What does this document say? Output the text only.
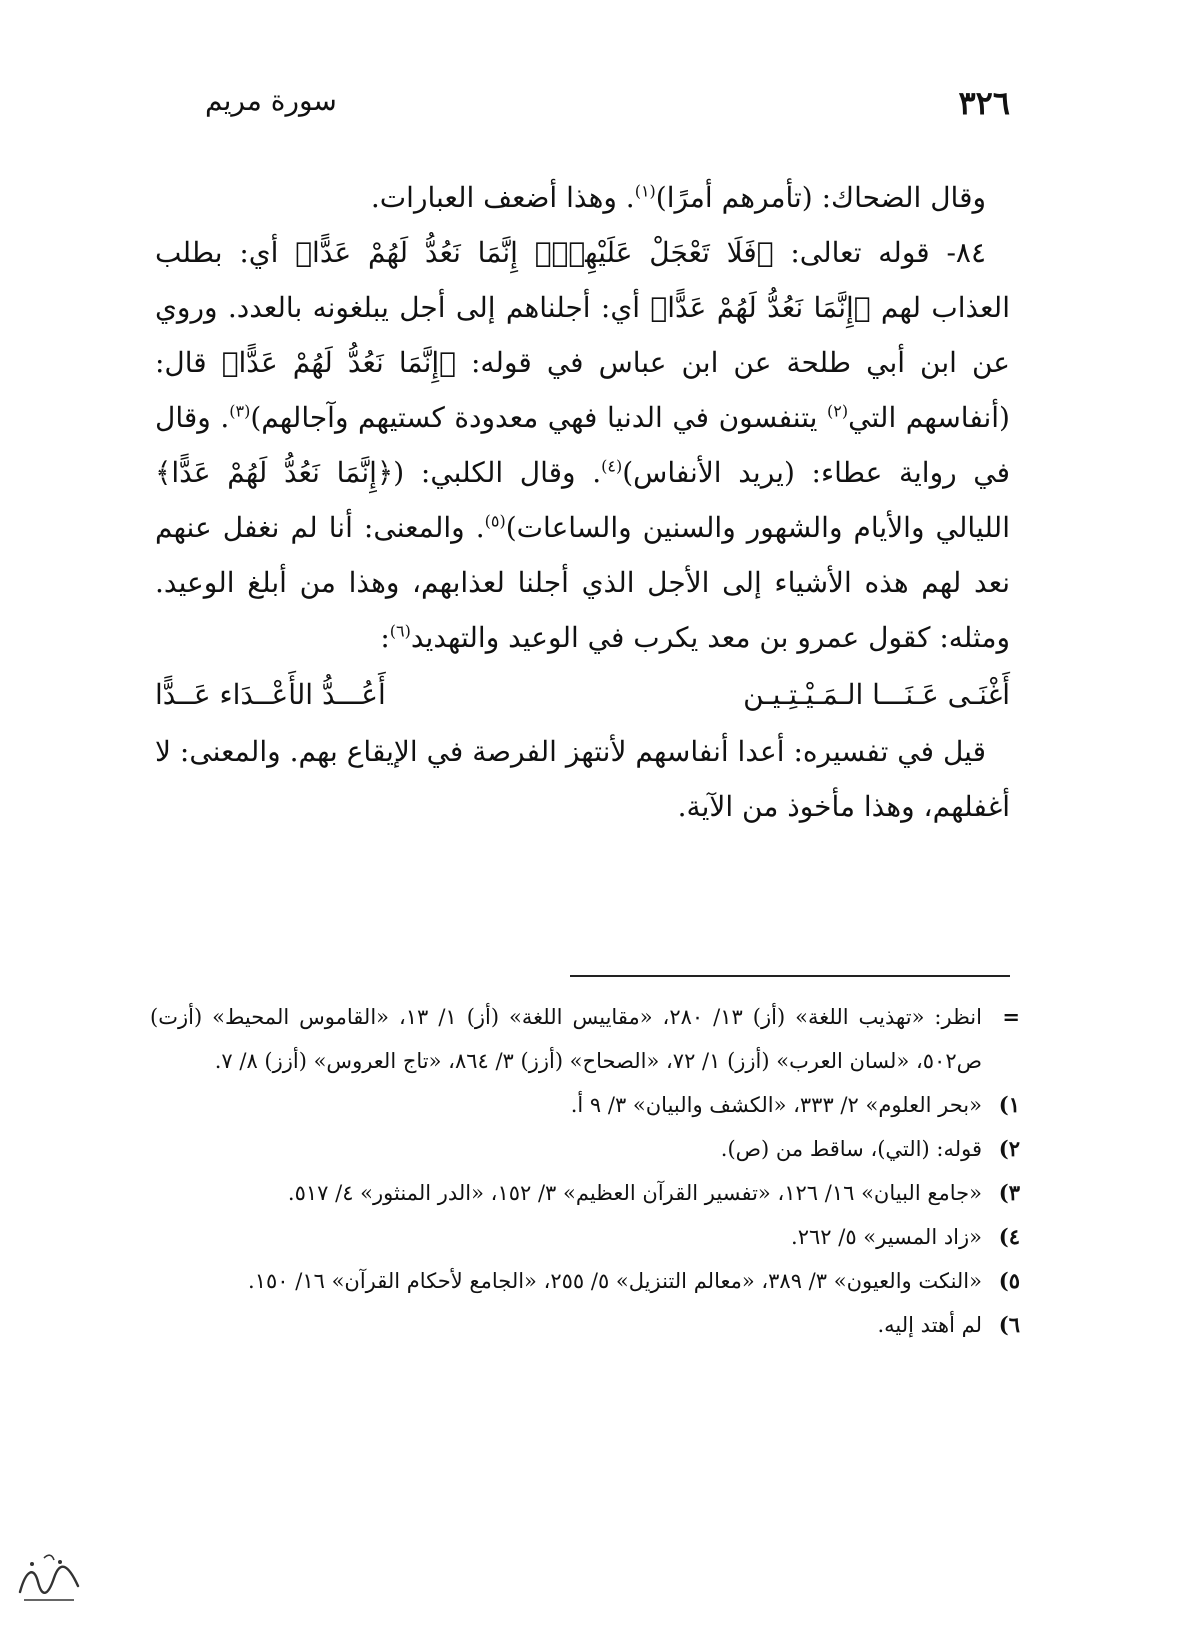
٣٢٦
سورة مريم

وقال الضحاك: (تأمرهم أمرًا)$^{(١)}$. وهذا أضعف العبارات.

٨٤- قوله تعالى: ﴿فَلَا تَعْجَلْ عَلَيْهِمْۖ إِنَّمَا نَعُدُّ لَهُمْ عَدًّا﴾ أي: بطلب العذاب لهم ﴿إِنَّمَا نَعُدُّ لَهُمْ عَدًّا﴾ أي: أجلناهم إلى أجل يبلغونه بالعدد. وروي عن ابن أبي طلحة عن ابن عباس في قوله: ﴿إِنَّمَا نَعُدُّ لَهُمْ عَدًّا﴾ قال: (أنفاسهم التي$^{(٢)}$ يتنفسون في الدنيا فهي معدودة كستيهم وآجالهم)$^{(٣)}$. وقال في رواية عطاء: (يريد الأنفاس)$^{(٤)}$. وقال الكلبي: (﴿إِنَّمَا نَعُدُّ لَهُمْ عَدًّا﴾ الليالي والأيام والشهور والسنين والساعات)$^{(٥)}$. والمعنى: أنا لم نغفل عنهم نعد لهم هذه الأشياء إلى الأجل الذي أجلنا لعذابهم، وهذا من أبلغ الوعيد. ومثله: كقول عمرو بن معد يكرب في الوعيد والتهديد$^{(٦)}$:

أَغْنَـى عَـنَـــا الـمَـيْـتِـيـن
أَعُـــدُّ الأَعْــدَاء عَــدًّا

قيل في تفسيره: أعدا أنفاسهم لأنتهز الفرصة في الإيقاع بهم. والمعنى: لا أغفلهم، وهذا مأخوذ من الآية.

=
انظر: «تهذيب اللغة» (أز) ١٣/ ٢٨٠، «مقاييس اللغة» (أز) ١/ ١٣، «القاموس المحيط» (أزت) ص٥٠٢، «لسان العرب» (أزز) ١/ ٧٢، «الصحاح» (أزز) ٣/ ٨٦٤، «تاج العروس» (أزز) ٨/ ٧.
١)
«بحر العلوم» ٢/ ٣٣٣، «الكشف والبيان» ٣/ ٩ أ.
٢)
قوله: (التي)، ساقط من (ص).
٣)
«جامع البيان» ١٦/ ١٢٦، «تفسير القرآن العظيم» ٣/ ١٥٢، «الدر المنثور» ٤/ ٥١٧.
٤)
«زاد المسير» ٥/ ٢٦٢.
٥)
«النكت والعيون» ٣/ ٣٨٩، «معالم التنزيل» ٥/ ٢٥٥، «الجامع لأحكام القرآن» ١٦/ ١٥٠.
٦)
لم أهتد إليه.
